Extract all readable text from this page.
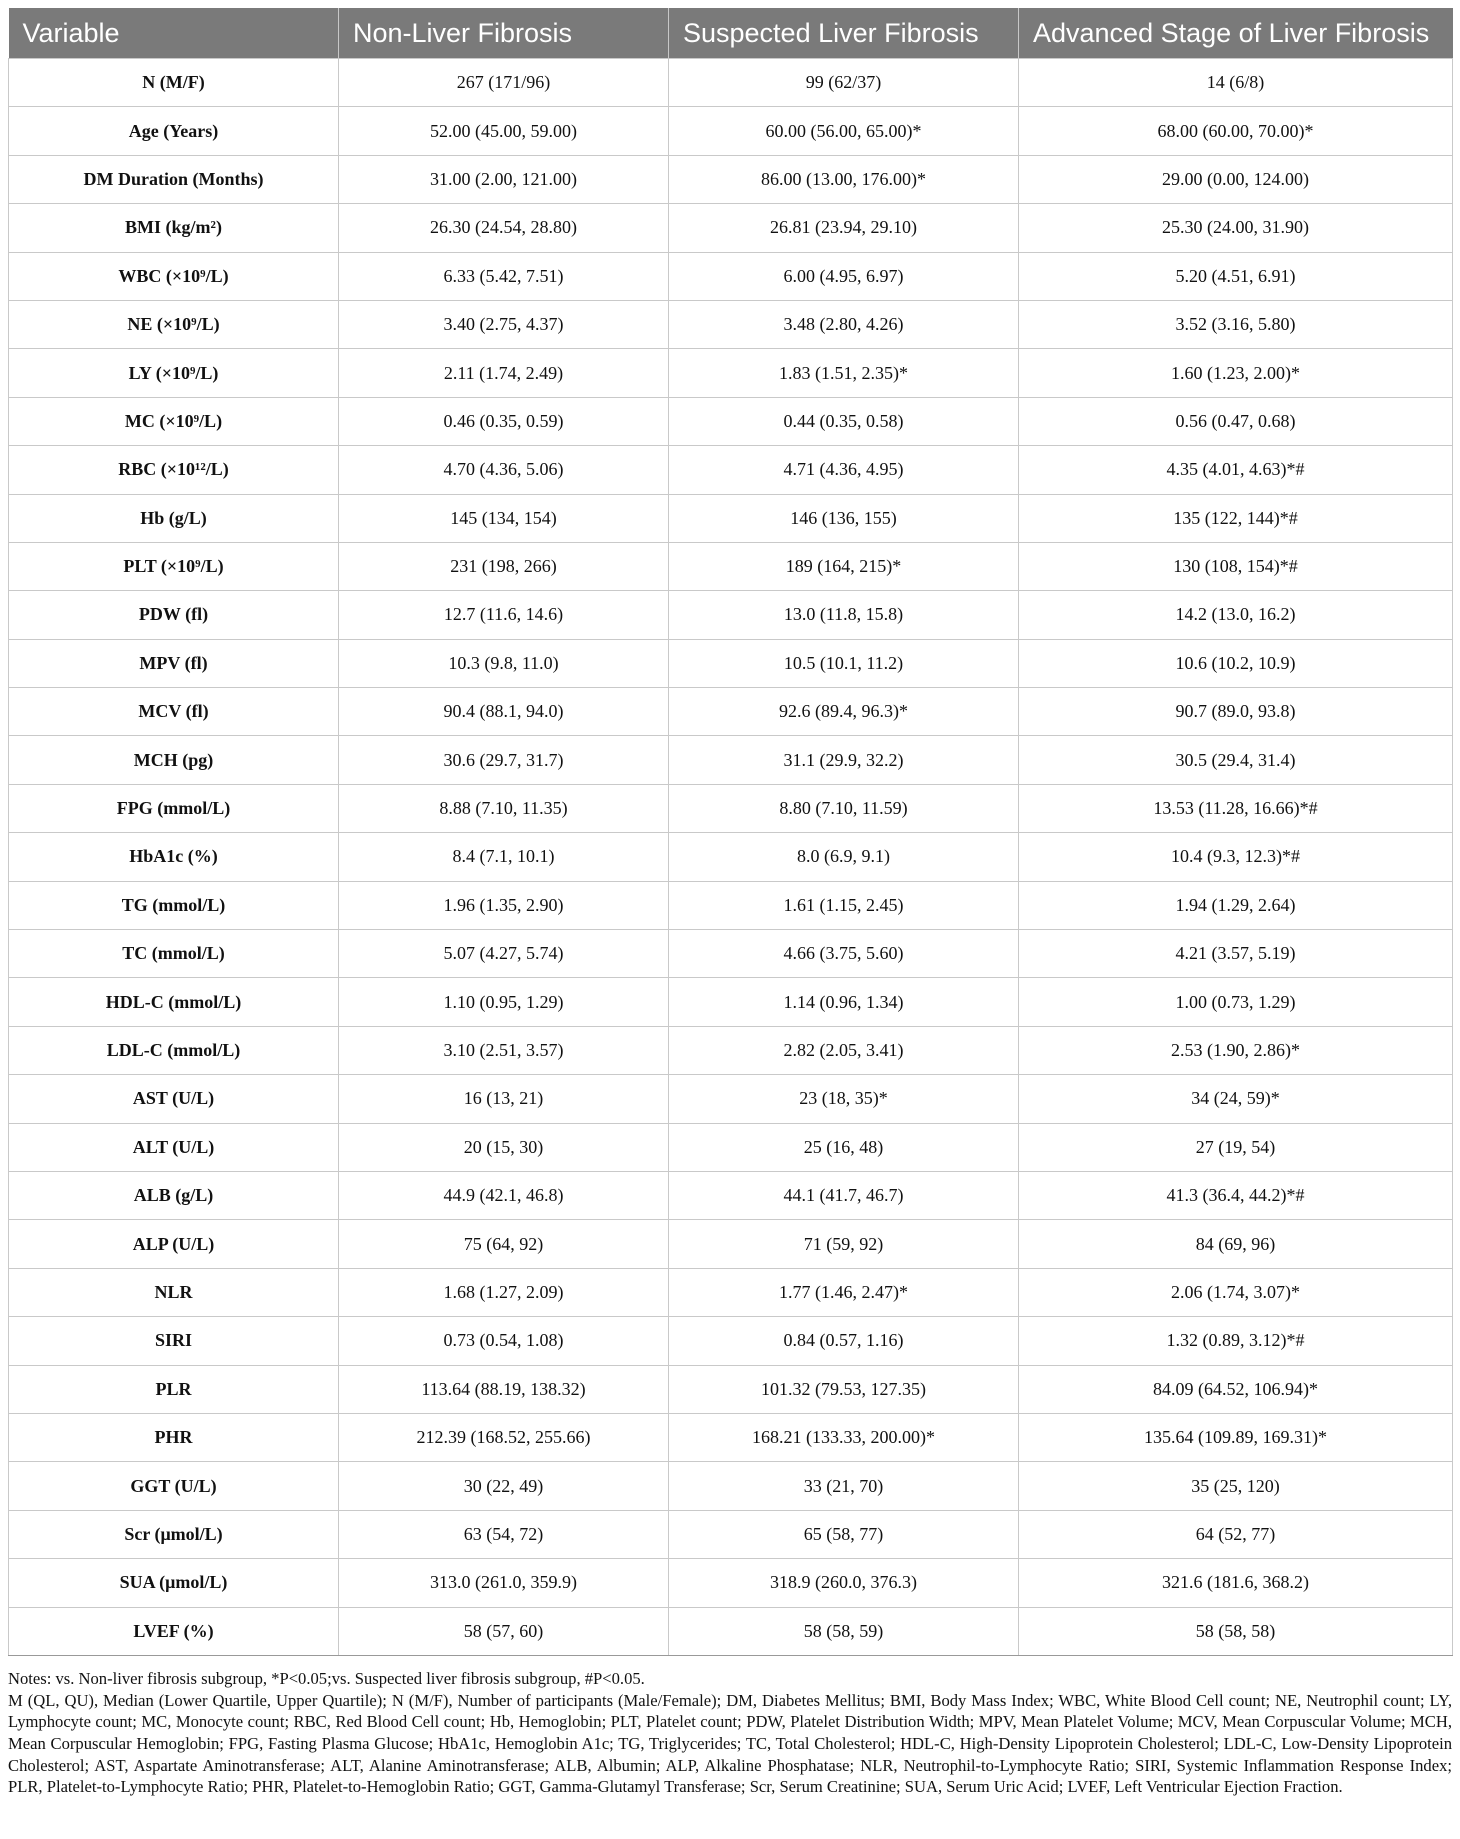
Variable	Non-Liver Fibrosis	Suspected Liver Fibrosis	Advanced Stage of Liver Fibrosis
N (M/F)	267 (171/96)	99 (62/37)	14 (6/8)
Age (Years)	52.00 (45.00, 59.00)	60.00 (56.00, 65.00)*	68.00 (60.00, 70.00)*
DM Duration (Months)	31.00 (2.00, 121.00)	86.00 (13.00, 176.00)*	29.00 (0.00, 124.00)
BMI (kg/m²)	26.30 (24.54, 28.80)	26.81 (23.94, 29.10)	25.30 (24.00, 31.90)
WBC (×10⁹/L)	6.33 (5.42, 7.51)	6.00 (4.95, 6.97)	5.20 (4.51, 6.91)
NE (×10⁹/L)	3.40 (2.75, 4.37)	3.48 (2.80, 4.26)	3.52 (3.16, 5.80)
LY (×10⁹/L)	2.11 (1.74, 2.49)	1.83 (1.51, 2.35)*	1.60 (1.23, 2.00)*
MC (×10⁹/L)	0.46 (0.35, 0.59)	0.44 (0.35, 0.58)	0.56 (0.47, 0.68)
RBC (×10¹²/L)	4.70 (4.36, 5.06)	4.71 (4.36, 4.95)	4.35 (4.01, 4.63)*#
Hb (g/L)	145 (134, 154)	146 (136, 155)	135 (122, 144)*#
PLT (×10⁹/L)	231 (198, 266)	189 (164, 215)*	130 (108, 154)*#
PDW (fl)	12.7 (11.6, 14.6)	13.0 (11.8, 15.8)	14.2 (13.0, 16.2)
MPV (fl)	10.3 (9.8, 11.0)	10.5 (10.1, 11.2)	10.6 (10.2, 10.9)
MCV (fl)	90.4 (88.1, 94.0)	92.6 (89.4, 96.3)*	90.7 (89.0, 93.8)
MCH (pg)	30.6 (29.7, 31.7)	31.1 (29.9, 32.2)	30.5 (29.4, 31.4)
FPG (mmol/L)	8.88 (7.10, 11.35)	8.80 (7.10, 11.59)	13.53 (11.28, 16.66)*#
HbA1c (%)	8.4 (7.1, 10.1)	8.0 (6.9, 9.1)	10.4 (9.3, 12.3)*#
TG (mmol/L)	1.96 (1.35, 2.90)	1.61 (1.15, 2.45)	1.94 (1.29, 2.64)
TC (mmol/L)	5.07 (4.27, 5.74)	4.66 (3.75, 5.60)	4.21 (3.57, 5.19)
HDL-C (mmol/L)	1.10 (0.95, 1.29)	1.14 (0.96, 1.34)	1.00 (0.73, 1.29)
LDL-C (mmol/L)	3.10 (2.51, 3.57)	2.82 (2.05, 3.41)	2.53 (1.90, 2.86)*
AST (U/L)	16 (13, 21)	23 (18, 35)*	34 (24, 59)*
ALT (U/L)	20 (15, 30)	25 (16, 48)	27 (19, 54)
ALB (g/L)	44.9 (42.1, 46.8)	44.1 (41.7, 46.7)	41.3 (36.4, 44.2)*#
ALP (U/L)	75 (64, 92)	71 (59, 92)	84 (69, 96)
NLR	1.68 (1.27, 2.09)	1.77 (1.46, 2.47)*	2.06 (1.74, 3.07)*
SIRI	0.73 (0.54, 1.08)	0.84 (0.57, 1.16)	1.32 (0.89, 3.12)*#
PLR	113.64 (88.19, 138.32)	101.32 (79.53, 127.35)	84.09 (64.52, 106.94)*
PHR	212.39 (168.52, 255.66)	168.21 (133.33, 200.00)*	135.64 (109.89, 169.31)*
GGT (U/L)	30 (22, 49)	33 (21, 70)	35 (25, 120)
Scr (μmol/L)	63 (54, 72)	65 (58, 77)	64 (52, 77)
SUA (μmol/L)	313.0 (261.0, 359.9)	318.9 (260.0, 376.3)	321.6 (181.6, 368.2)
LVEF (%)	58 (57, 60)	58 (58, 59)	58 (58, 58)

Notes: vs. Non-liver fibrosis subgroup, *P<0.05;vs. Suspected liver fibrosis subgroup, #P<0.05.

M (QL, QU), Median (Lower Quartile, Upper Quartile); N (M/F), Number of participants (Male/Female); DM, Diabetes Mellitus; BMI, Body Mass Index; WBC, White Blood Cell count; NE, Neutrophil count; LY, Lymphocyte count; MC, Monocyte count; RBC, Red Blood Cell count; Hb, Hemoglobin; PLT, Platelet count; PDW, Platelet Distribution Width; MPV, Mean Platelet Volume; MCV, Mean Corpuscular Volume; MCH, Mean Corpuscular Hemoglobin; FPG, Fasting Plasma Glucose; HbA1c, Hemoglobin A1c; TG, Triglycerides; TC, Total Cholesterol; HDL-C, High-Density Lipoprotein Cholesterol; LDL-C, Low-Density Lipoprotein Cholesterol; AST, Aspartate Aminotransferase; ALT, Alanine Aminotransferase; ALB, Albumin; ALP, Alkaline Phosphatase; NLR, Neutrophil-to-Lymphocyte Ratio; SIRI, Systemic Inflammation Response Index; PLR, Platelet-to-Lymphocyte Ratio; PHR, Platelet-to-Hemoglobin Ratio; GGT, Gamma-Glutamyl Transferase; Scr, Serum Creatinine; SUA, Serum Uric Acid; LVEF, Left Ventricular Ejection Fraction.
